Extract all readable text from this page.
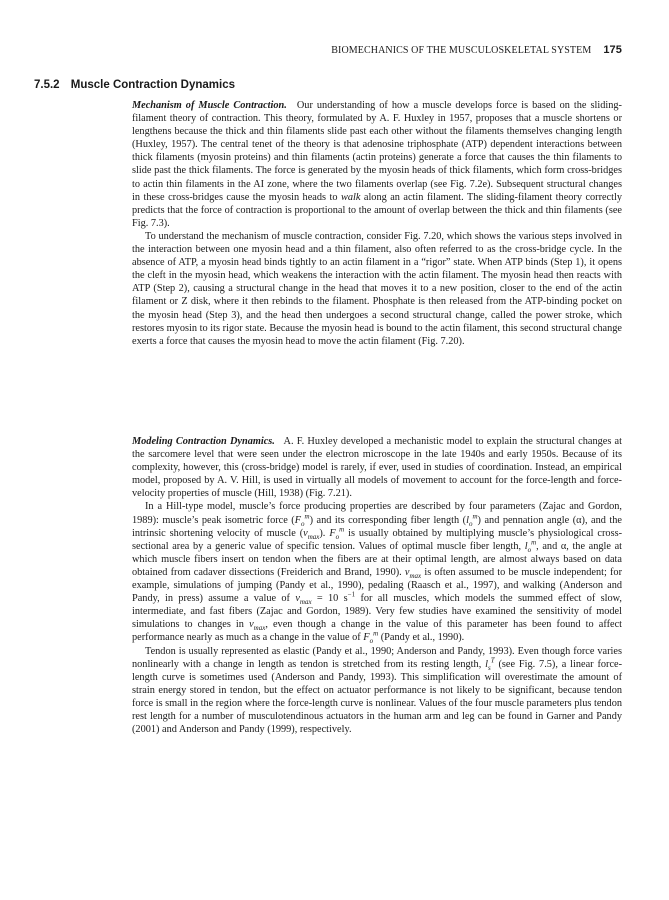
BIOMECHANICS OF THE MUSCULOSKELETAL SYSTEM 175
7.5.2 Muscle Contraction Dynamics

Mechanism of Muscle Contraction. Our understanding of how a muscle develops force is based on the sliding-filament theory of contraction. This theory, formulated by A. F. Huxley in 1957, proposes that a muscle shortens or lengthens because the thick and thin filaments slide past each other without the filaments themselves changing length (Huxley, 1957). The central tenet of the theory is that adenosine triphosphate (ATP) dependent interactions between thick filaments (myosin proteins) and thin filaments (actin proteins) generate a force that causes the thin filaments to slide past the thick filaments. The force is generated by the myosin heads of thick filaments, which form cross-bridges to actin thin filaments in the AI zone, where the two filaments overlap (see Fig. 7.2e). Subsequent structural changes in these cross-bridges cause the myosin heads to walk along an actin filament. The sliding-filament theory correctly predicts that the force of contraction is proportional to the amount of overlap between the thick and thin filaments (see Fig. 7.3).

To understand the mechanism of muscle contraction, consider Fig. 7.20, which shows the various steps involved in the interaction between one myosin head and a thin filament, also often referred to as the cross-bridge cycle. In the absence of ATP, a myosin head binds tightly to an actin filament in a “rigor” state. When ATP binds (Step 1), it opens the cleft in the myosin head, which weakens the interaction with the actin filament. The myosin head then reacts with ATP (Step 2), causing a structural change in the head that moves it to a new position, closer to the end of the actin filament or Z disk, where it then rebinds to the filament. Phosphate is then released from the ATP-binding pocket on the myosin head (Step 3), and the head then undergoes a second structural change, called the power stroke, which restores myosin to its rigor state. Because the myosin head is bound to the actin filament, this second structural change exerts a force that causes the myosin head to move the actin filament (Fig. 7.20).

Modeling Contraction Dynamics. A. F. Huxley developed a mechanistic model to explain the structural changes at the sarcomere level that were seen under the electron microscope in the late 1940s and early 1950s. Because of its complexity, however, this (cross-bridge) model is rarely, if ever, used in studies of coordination. Instead, an empirical model, proposed by A. V. Hill, is used in virtually all models of movement to account for the force-length and force-velocity properties of muscle (Hill, 1938) (Fig. 7.21).

In a Hill-type model, muscle’s force producing properties are described by four parameters (Zajac and Gordon, 1989): muscle’s peak isometric force $(F_o^m)$ and its corresponding fiber length $(l_o^m)$ and pennation angle (α), and the intrinsic shortening velocity of muscle $(v_{max})$. $F_o^m$ is usually obtained by multiplying muscle’s physiological cross-sectional area by a generic value of specific tension. Values of optimal muscle fiber length, $l_o^m$, and α, the angle at which muscle fibers insert on tendon when the fibers are at their optimal length, are almost always based on data obtained from cadaver dissections (Freiderich and Brand, 1990). $v_{max}$ is often assumed to be muscle independent; for example, simulations of jumping (Pandy et al., 1990), pedaling (Raasch et al., 1997), and walking (Anderson and Pandy, in press) assume a value of $v_{max} = 10$ $s^{-1}$ for all muscles, which models the summed effect of slow, intermediate, and fast fibers (Zajac and Gordon, 1989). Very few studies have examined the sensitivity of model simulations to changes in $v_{max}$, even though a change in the value of this parameter has been found to affect performance nearly as much as a change in the value of $F_o^m$ (Pandy et al., 1990).

Tendon is usually represented as elastic (Pandy et al., 1990; Anderson and Pandy, 1993). Even though force varies nonlinearly with a change in length as tendon is stretched from its resting length, $l_s^T$ (see Fig. 7.5), a linear force-length curve is sometimes used (Anderson and Pandy, 1993). This simplification will overestimate the amount of strain energy stored in tendon, but the effect on actuator performance is not likely to be significant, because tendon force is small in the region where the force-length curve is nonlinear. Values of the four muscle parameters plus tendon rest length for a number of musculotendinous actuators in the human arm and leg can be found in Garner and Pandy (2001) and Anderson and Pandy (1999), respectively.
